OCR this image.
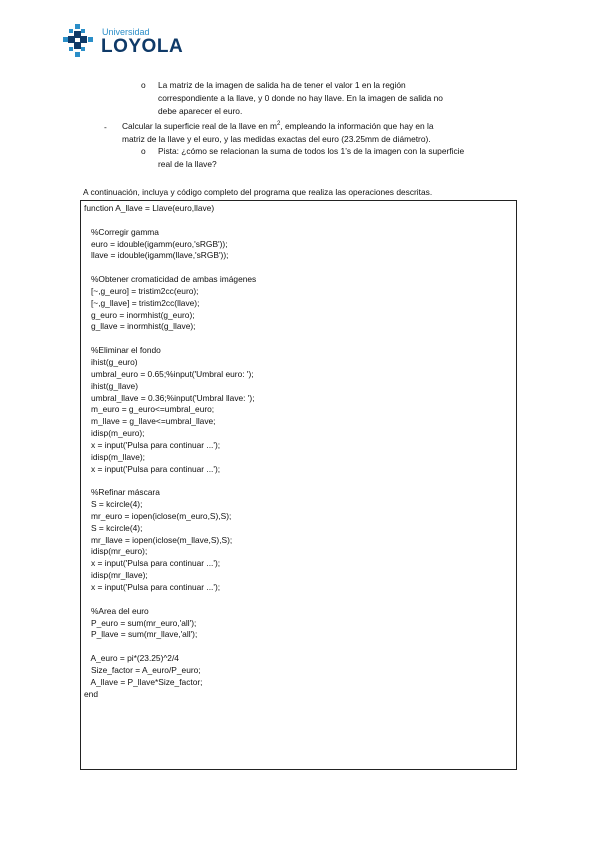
Universidad
LOYOLA
o La matriz de la imagen de salida ha de tener el valor 1 en la región
correspondiente a la llave, y 0 donde no hay llave. En la imagen de salida no
debe aparecer el euro.
- Calcular la superficie real de la llave en $m^2$, empleando la información que hay en la
matriz de la llave y el euro, y las medidas exactas del euro (23.25mm de diámetro).
o Pista: ¿cómo se relacionan la suma de todos los 1’s de la imagen con la superficie
real de la llave?
A continuación, incluya y código completo del programa que realiza las operaciones descritas.
function A_llave = Llave(euro,llave)

%Corregir gamma
euro = idouble(igamm(euro,'sRGB'));
llave = idouble(igamm(llave,'sRGB'));

%Obtener cromaticidad de ambas imágenes
[~,g_euro] = tristim2cc(euro);
[~,g_llave] = tristim2cc(llave);
g_euro = inormhist(g_euro);
g_llave = inormhist(g_llave);

%Eliminar el fondo
ihist(g_euro)
umbral_euro = 0.65;%input('Umbral euro: ');
ihist(g_llave)
umbral_llave = 0.36;%input('Umbral llave: ');
m_euro = g_euro<=umbral_euro;
m_llave = g_llave<=umbral_llave;
idisp(m_euro);
x = input('Pulsa para continuar ...');
idisp(m_llave);
x = input('Pulsa para continuar ...');

%Refinar máscara
S = kcircle(4);
mr_euro = iopen(iclose(m_euro,S),S);
S = kcircle(4);
mr_llave = iopen(iclose(m_llave,S),S);
idisp(mr_euro);
x = input('Pulsa para continuar ...');
idisp(mr_llave);
x = input('Pulsa para continuar ...');

%Area del euro
P_euro = sum(mr_euro,'all');
P_llave = sum(mr_llave,'all');

A_euro = pi*(23.25)^2/4
Size_factor = A_euro/P_euro;
A_llave = P_llave*Size_factor;
end
